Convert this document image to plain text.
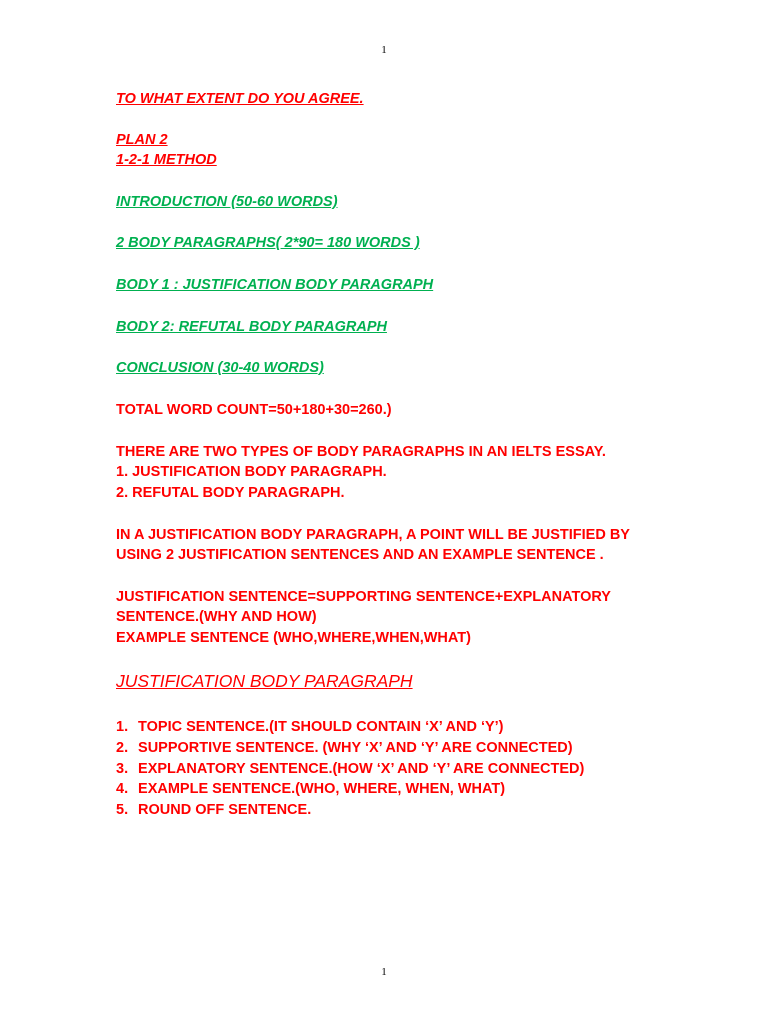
1
TO WHAT EXTENT DO YOU AGREE.
PLAN 2
1-2-1 METHOD
INTRODUCTION (50-60 WORDS)
2 BODY PARAGRAPHS( 2*90= 180 WORDS )
BODY 1 : JUSTIFICATION BODY PARAGRAPH
BODY 2: REFUTAL BODY PARAGRAPH
CONCLUSION (30-40 WORDS)
TOTAL WORD COUNT=50+180+30=260.)
THERE ARE TWO TYPES OF BODY PARAGRAPHS IN AN IELTS ESSAY.
1. JUSTIFICATION BODY PARAGRAPH.
2. REFUTAL BODY PARAGRAPH.
IN A JUSTIFICATION BODY PARAGRAPH, A POINT WILL BE JUSTIFIED BY
USING 2 JUSTIFICATION SENTENCES AND AN EXAMPLE SENTENCE .
JUSTIFICATION SENTENCE=SUPPORTING SENTENCE+EXPLANATORY
SENTENCE.(WHY AND HOW)
EXAMPLE SENTENCE (WHO,WHERE,WHEN,WHAT)
JUSTIFICATION BODY PARAGRAPH
1. TOPIC SENTENCE.(IT SHOULD CONTAIN ‘X’ AND ‘Y’)
2. SUPPORTIVE SENTENCE. (WHY ‘X’ AND ‘Y’ ARE CONNECTED)
3. EXPLANATORY SENTENCE.(HOW ‘X’ AND ‘Y’ ARE CONNECTED)
4. EXAMPLE SENTENCE.(WHO, WHERE, WHEN, WHAT)
5. ROUND OFF SENTENCE.
1
